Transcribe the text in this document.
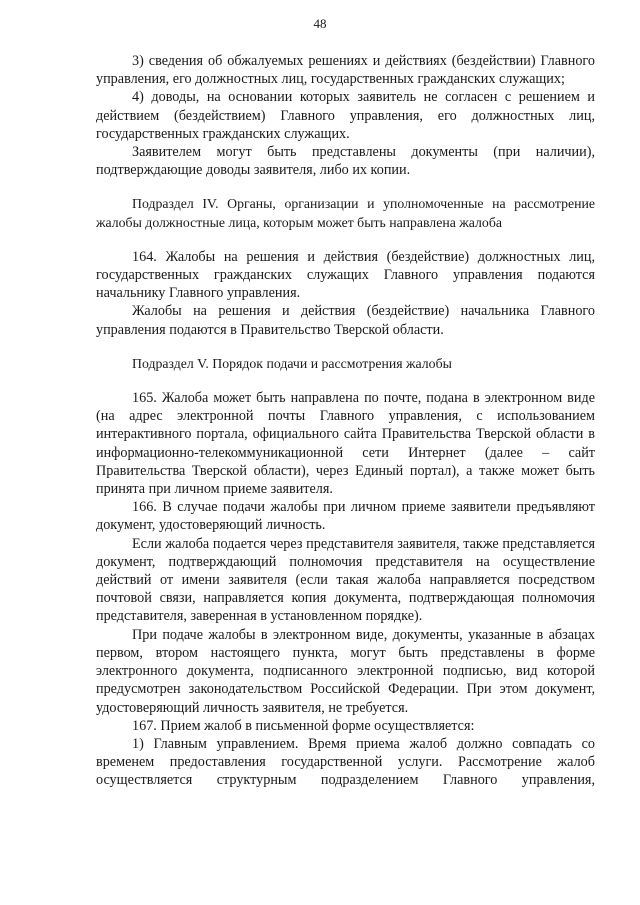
48

3) сведения об обжалуемых решениях и действиях (бездействии) Главного управления, его должностных лиц, государственных гражданских служащих;

4) доводы, на основании которых заявитель не согласен с решением и действием (бездействием) Главного управления, его должностных лиц, государственных гражданских служащих.

Заявителем могут быть представлены документы (при наличии), подтверждающие доводы заявителя, либо их копии.

Подраздел IV. Органы, организации и уполномоченные на рассмотрение жалобы должностные лица, которым может быть направлена жалоба

164. Жалобы на решения и действия (бездействие) должностных лиц, государственных гражданских служащих Главного управления подаются начальнику Главного управления.

Жалобы на решения и действия (бездействие) начальника Главного управления подаются в Правительство Тверской области.

Подраздел V. Порядок подачи и рассмотрения жалобы

165. Жалоба может быть направлена по почте, подана в электронном виде (на адрес электронной почты Главного управления, с использованием интерактивного портала, официального сайта Правительства Тверской области в информационно-телекоммуникационной сети Интернет (далее – сайт Правительства Тверской области), через Единый портал), а также может быть принята при личном приеме заявителя.

166. В случае подачи жалобы при личном приеме заявители предъявляют документ, удостоверяющий личность.

Если жалоба подается через представителя заявителя, также представляется документ, подтверждающий полномочия представителя на осуществление действий от имени заявителя (если такая жалоба направляется посредством почтовой связи, направляется копия документа, подтверждающая полномочия представителя, заверенная в установленном порядке).

При подаче жалобы в электронном виде, документы, указанные в абзацах первом, втором настоящего пункта, могут быть представлены в форме электронного документа, подписанного электронной подписью, вид которой предусмотрен законодательством Российской Федерации. При этом документ, удостоверяющий личность заявителя, не требуется.

167. Прием жалоб в письменной форме осуществляется:

1) Главным управлением. Время приема жалоб должно совпадать со временем предоставления государственной услуги. Рассмотрение жалоб осуществляется структурным подразделением Главного управления,
